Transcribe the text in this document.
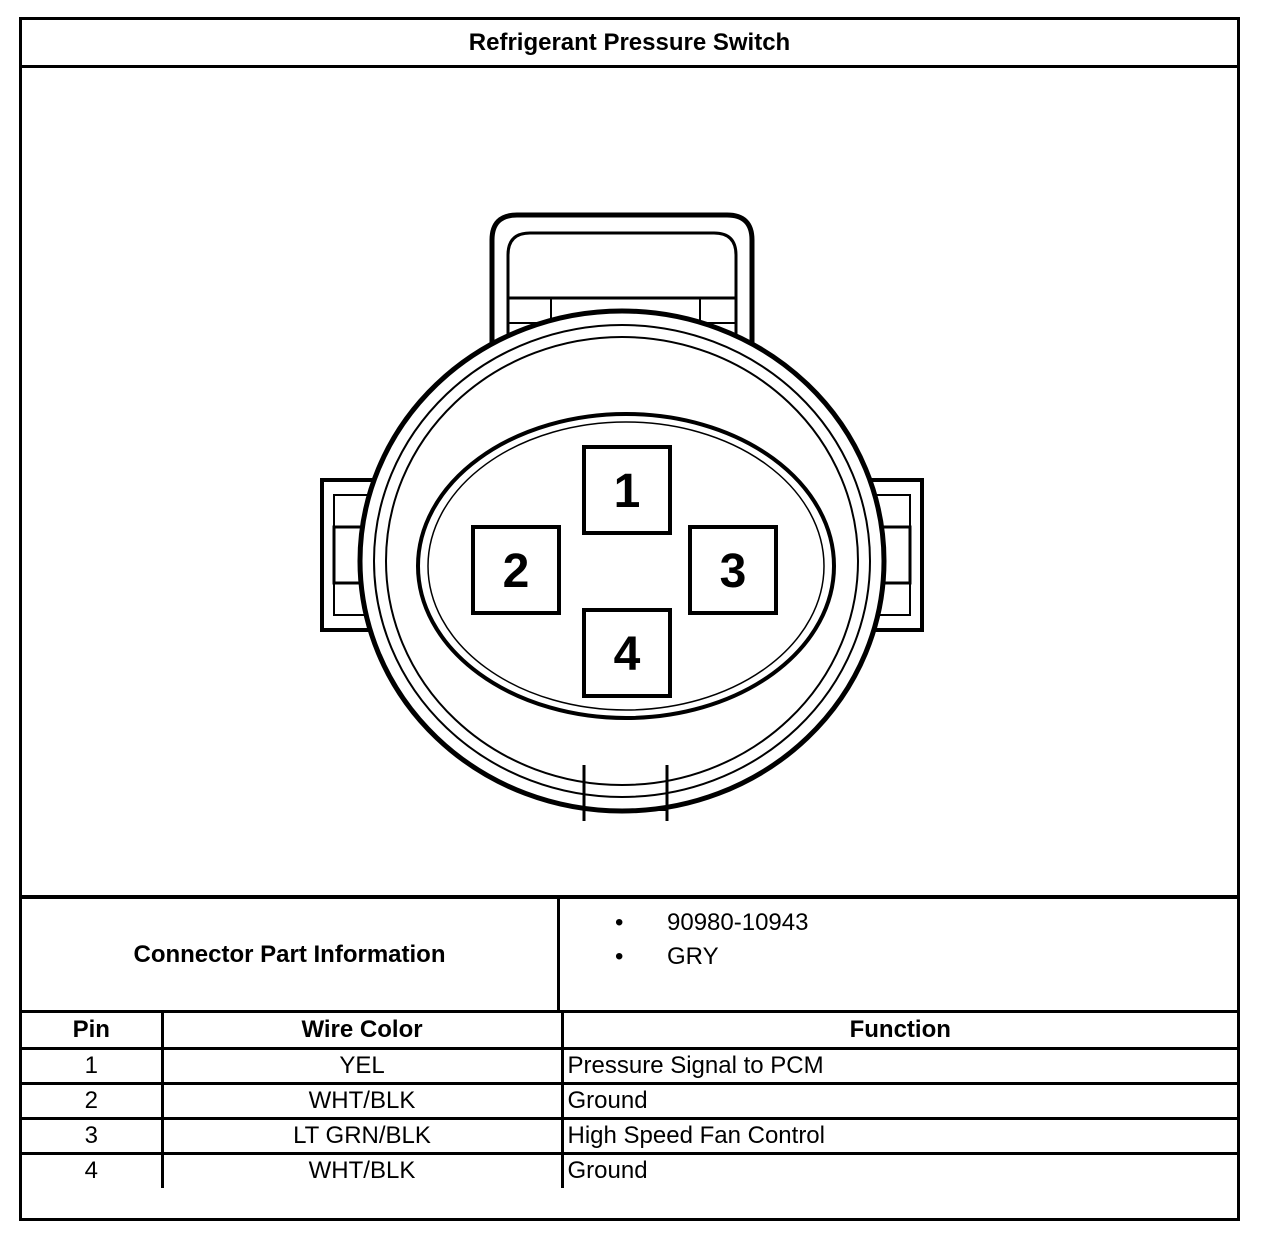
Refrigerant Pressure Switch
1
2	3
4
Connector Part Information
• 90980-10943
• GRY
Pin	Wire Color	Function
1	YEL	Pressure Signal to PCM
2	WHT/BLK	Ground
3	LT GRN/BLK	High Speed Fan Control
4	WHT/BLK	Ground
